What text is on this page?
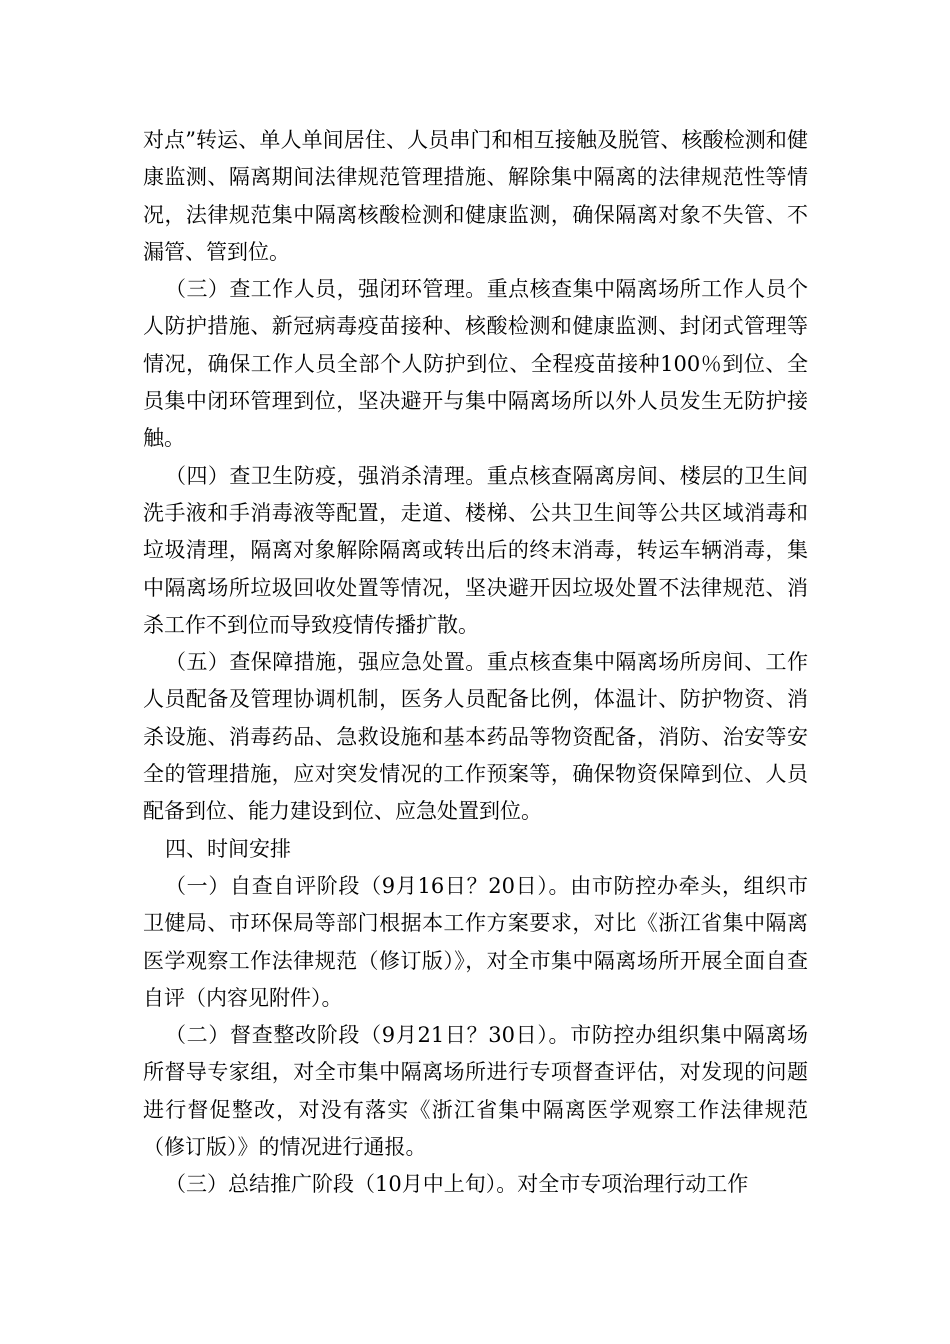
对点”转运、单人单间居住、人员串门和相互接触及脱管、核酸检测和健康监测、隔离期间法律规范管理措施、解除集中隔离的法律规范性等情况，法律规范集中隔离核酸检测和健康监测，确保隔离对象不失管、不漏管、管到位。

（三）查工作人员，强闭环管理。重点核查集中隔离场所工作人员个人防护措施、新冠病毒疫苗接种、核酸检测和健康监测、封闭式管理等情况，确保工作人员全部个人防护到位、全程疫苗接种100％到位、全员集中闭环管理到位，坚决避开与集中隔离场所以外人员发生无防护接触。

（四）查卫生防疫，强消杀清理。重点核查隔离房间、楼层的卫生间洗手液和手消毒液等配置，走道、楼梯、公共卫生间等公共区域消毒和垃圾清理，隔离对象解除隔离或转出后的终末消毒，转运车辆消毒，集中隔离场所垃圾回收处置等情况，坚决避开因垃圾处置不法律规范、消杀工作不到位而导致疫情传播扩散。

（五）查保障措施，强应急处置。重点核查集中隔离场所房间、工作人员配备及管理协调机制，医务人员配备比例，体温计、防护物资、消杀设施、消毒药品、急救设施和基本药品等物资配备，消防、治安等安全的管理措施，应对突发情况的工作预案等，确保物资保障到位、人员配备到位、能力建设到位、应急处置到位。

四、时间安排

（一）自查自评阶段（9月16日？20日）。由市防控办牵头，组织市卫健局、市环保局等部门根据本工作方案要求，对比《浙江省集中隔离医学观察工作法律规范（修订版）》，对全市集中隔离场所开展全面自查自评（内容见附件）。

（二）督查整改阶段（9月21日？30日）。市防控办组织集中隔离场所督导专家组，对全市集中隔离场所进行专项督查评估，对发现的问题进行督促整改，对没有落实《浙江省集中隔离医学观察工作法律规范（修订版）》的情况进行通报。

（三）总结推广阶段（10月中上旬）。对全市专项治理行动工作
